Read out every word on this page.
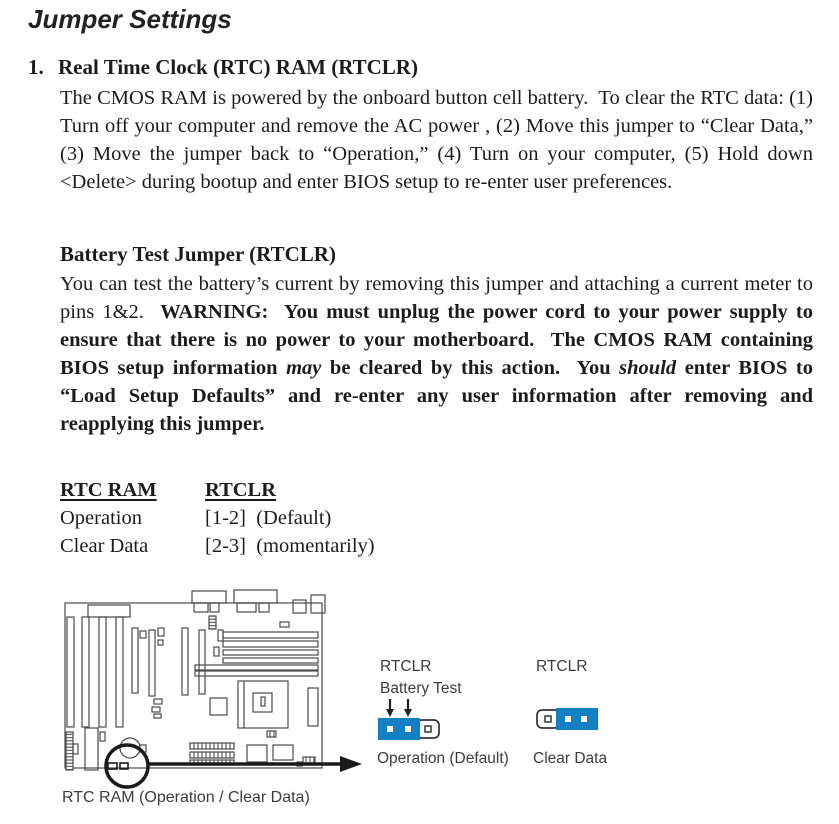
Jumper Settings
1. Real Time Clock (RTC) RAM (RTCLR)

The CMOS RAM is powered by the onboard button cell battery.  To clear the RTC data: (1) Turn off your computer and remove the AC power , (2) Move this jumper to “Clear Data,”  (3) Move the jumper back to “Operation,” (4) Turn on your computer, (5) Hold down <Delete> during bootup and enter BIOS setup to re-enter user preferences.

Battery Test Jumper (RTCLR)

You can test the battery’s current by removing this jumper and attaching a current meter to pins 1&2.  WARNING:  You must unplug the power cord to your power supply to ensure that there is no power to your motherboard.  The CMOS RAM containing BIOS setup information may be cleared by this action.  You should enter BIOS to “Load Setup Defaults” and re-enter any user information after removing and reapplying this jumper.

RTC RAM	RTCLR
Operation	[1-2]  (Default)
Clear Data	[2-3]  (momentarily)
RTC RAM (Operation / Clear Data)
RTCLR
Battery Test
Operation (Default)
RTCLR
Clear Data
